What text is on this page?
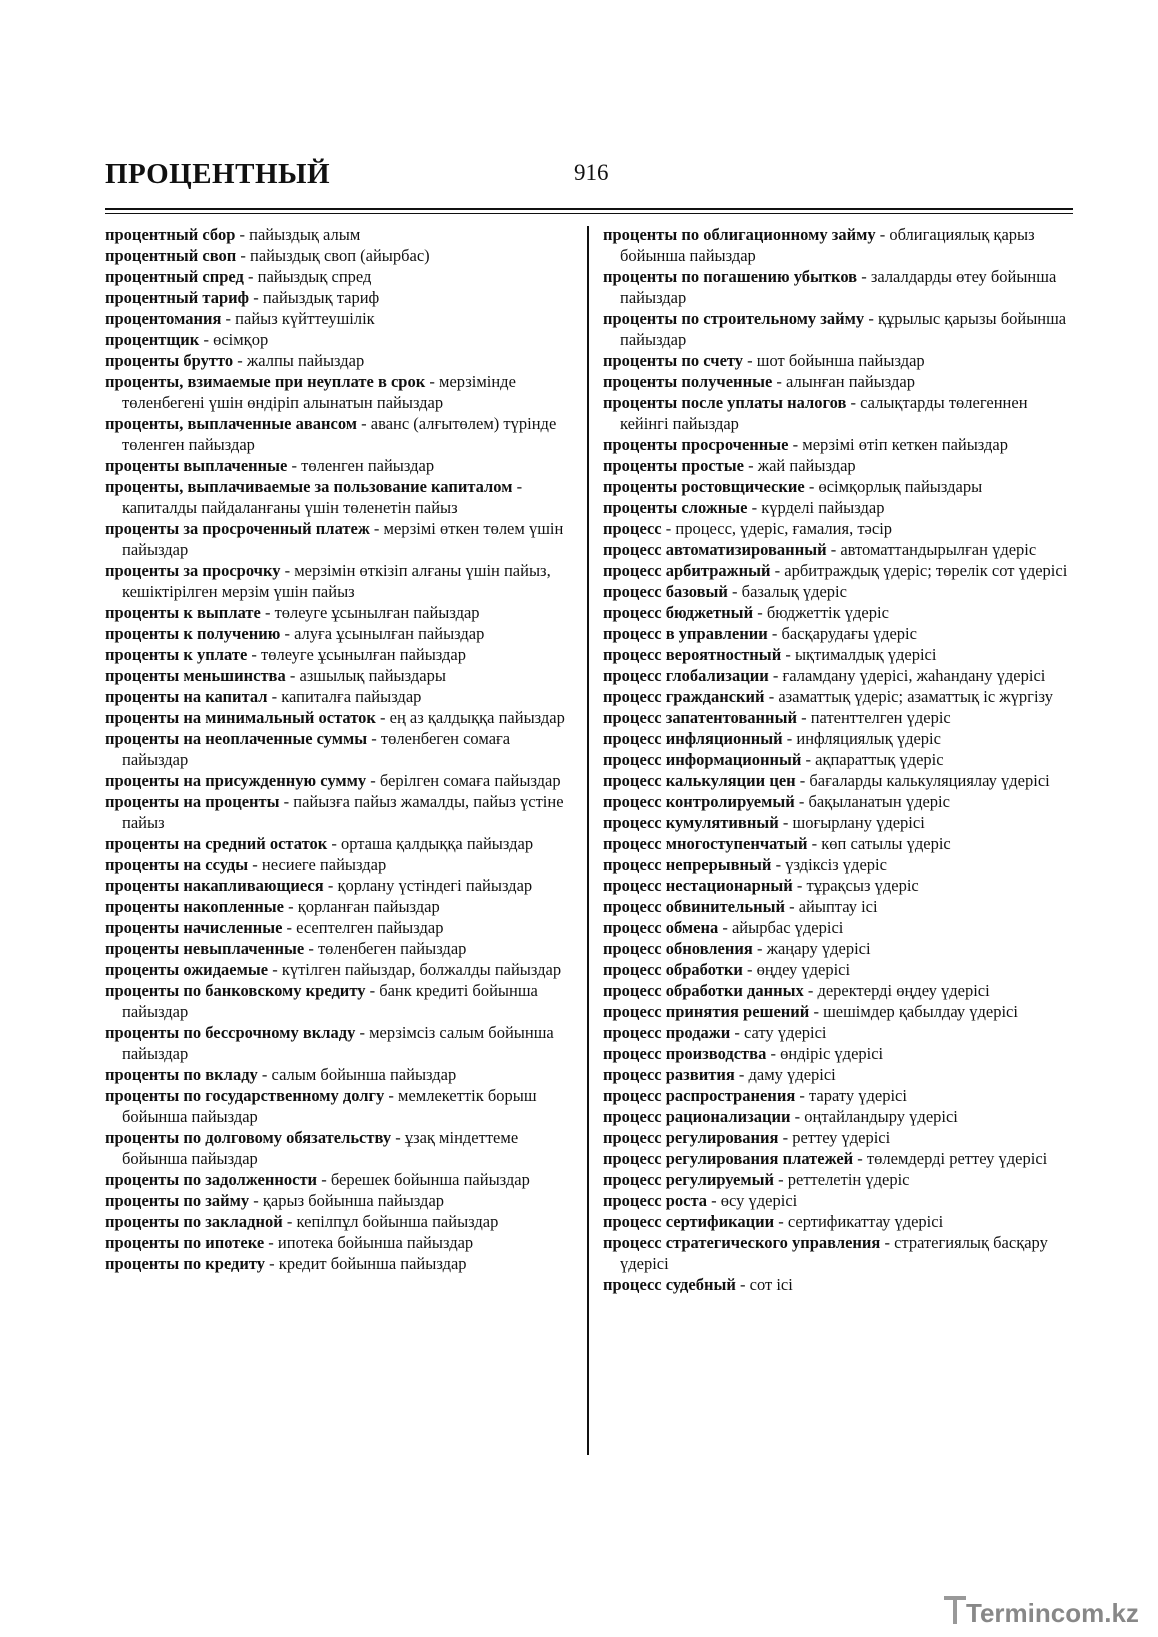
ПРОЦЕНТНЫЙ	916
процентный сбор - пайыздық алым
процентный своп - пайыздық своп (айырбас)
процентный спред - пайыздық спред
процентный тариф - пайыздық тариф
процентомания - пайыз күйттеушілік
процентщик - өсімқор
проценты брутто - жалпы пайыздар
проценты, взимаемые при неуплате в срок - мерзімінде төленбегені үшін өндіріп алынатын пайыздар
проценты, выплаченные авансом - аванс (алғытөлем) түрінде төленген пайыздар
проценты выплаченные - төленген пайыздар
проценты, выплачиваемые за пользование капиталом - капиталды пайдаланғаны үшін төленетін пайыз
проценты за просроченный платеж - мерзімі өткен төлем үшін пайыздар
проценты за просрочку - мерзімін өткізіп алғаны үшін пайыз, кешіктірілген мерзім үшін пайыз
проценты к выплате - төлеуге ұсынылған пайыздар
проценты к получению - алуға ұсынылған пайыздар
проценты к уплате - төлеуге ұсынылған пайыздар
проценты меньшинства - азшылық пайыздары
проценты на капитал - капиталға пайыздар
проценты на минимальный остаток - ең аз қалдыққа пайыздар
проценты на неоплаченные суммы - төленбеген сомаға пайыздар
проценты на присужденную сумму - берілген сомаға пайыздар
проценты на проценты - пайызға пайыз жамалды, пайыз үстіне пайыз
проценты на средний остаток - орташа қалдыққа пайыздар
проценты на ссуды - несиеге пайыздар
проценты накапливающиеся - қорлану үстіндегі пайыздар
проценты накопленные - қорланған пайыздар
проценты начисленные - есептелген пайыздар
проценты невыплаченные - төленбеген пайыздар
проценты ожидаемые - күтілген пайыздар, болжалды пайыздар
проценты по банковскому кредиту - банк кредиті бойынша пайыздар
проценты по бессрочному вкладу - мерзімсіз салым бойынша пайыздар
проценты по вкладу - салым бойынша пайыздар
проценты по государственному долгу - мемлекеттік борыш бойынша пайыздар
проценты по долговому обязательству - ұзақ міндеттеме бойынша пайыздар
проценты по задолженности - берешек бойынша пайыздар
проценты по займу - қарыз бойынша пайыздар
проценты по закладной - кепілпұл бойынша пайыздар
проценты по ипотеке - ипотека бойынша пайыздар
проценты по кредиту - кредит бойынша пайыздар
проценты по облигационному займу - облигациялық қарыз бойынша пайыздар
проценты по погашению убытков - залалдарды өтеу бойынша пайыздар
проценты по строительному займу - құрылыс қарызы бойынша пайыздар
проценты по счету - шот бойынша пайыздар
проценты полученные - алынған пайыздар
проценты после уплаты налогов - салықтарды төлегеннен кейінгі пайыздар
проценты просроченные - мерзімі өтіп кеткен пайыздар
проценты простые - жай пайыздар
проценты ростовщические - өсімқорлық пайыздары
проценты сложные - күрделі пайыздар
процесс - процесс, үдеріс, ғамалия, тәсір
процесс автоматизированный - автоматтандырылған үдеріс
процесс арбитражный - арбитраждық үдеріс; төрелік сот үдерісі
процесс базовый - базалық үдеріс
процесс бюджетный - бюджеттік үдеріс
процесс в управлении - басқарудағы үдеріс
процесс вероятностный - ықтималдық үдерісі
процесс глобализации - ғаламдану үдерісі, жаһандану үдерісі
процесс гражданский - азаматтық үдеріс; азаматтық іс жүргізу
процесс запатентованный - патенттелген үдеріс
процесс инфляционный - инфляциялық үдеріс
процесс информационный - ақпараттық үдеріс
процесс калькуляции цен - бағаларды калькуляциялау үдерісі
процесс контролируемый - бақыланатын үдеріс
процесс кумулятивный - шоғырлану үдерісі
процесс многоступенчатый - көп сатылы үдеріс
процесс непрерывный - үздіксіз үдеріс
процесс нестационарный - тұрақсыз үдеріс
процесс обвинительный - айыптау ісі
процесс обмена - айырбас үдерісі
процесс обновления - жаңару үдерісі
процесс обработки - өңдеу үдерісі
процесс обработки данных - деректерді өңдеу үдерісі
процесс принятия решений - шешімдер қабылдау үдерісі
процесс продажи - сату үдерісі
процесс производства - өндіріс үдерісі
процесс развития - даму үдерісі
процесс распространения - тарату үдерісі
процесс рационализации - оңтайландыру үдерісі
процесс регулирования - реттеу үдерісі
процесс регулирования платежей - төлемдерді реттеу үдерісі
процесс регулируемый - реттелетін үдеріс
процесс роста - өсу үдерісі
процесс сертификации - сертификаттау үдерісі
процесс стратегического управления - стратегиялық басқару үдерісі
процесс судебный - сот ісі
Termincom.kz
